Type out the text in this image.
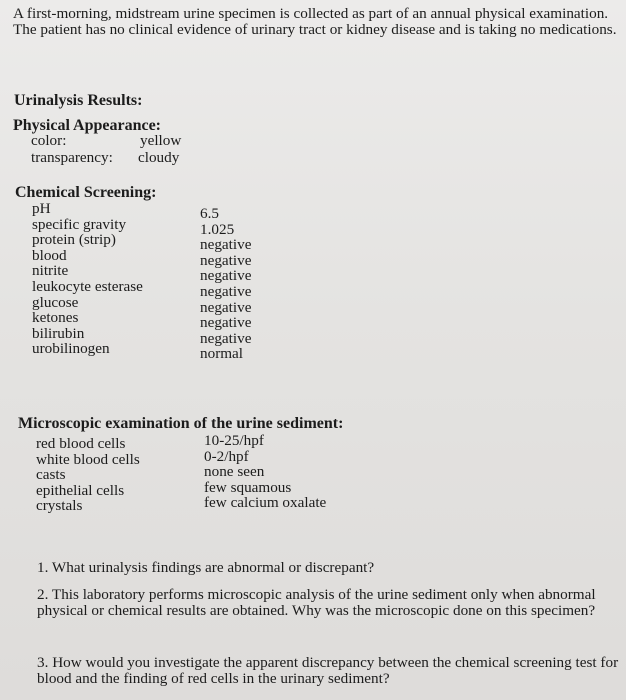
A first-morning, midstream urine specimen is collected as part of an annual physical examination. The patient has no clinical evidence of urinary tract or kidney disease and is taking no medications.

Urinalysis Results:
Physical Appearance:
color:	yellow
transparency: cloudy
Chemical Screening:
pH
specific gravity
protein (strip)
blood
nitrite
leukocyte esterase
glucose
ketones
bilirubin
urobilinogen
6.5
1.025
negative
negative
negative
negative
negative
negative
negative
normal
Microscopic examination of the urine sediment:
red blood cells
white blood cells
casts
epithelial cells
crystals
10-25/hpf
0-2/hpf
none seen
few squamous
few calcium oxalate

1. What urinalysis findings are abnormal or discrepant?

2. This laboratory performs microscopic analysis of the urine sediment only when abnormal physical or chemical results are obtained. Why was the microscopic done on this specimen?

3. How would you investigate the apparent discrepancy between the chemical screening test for blood and the finding of red cells in the urinary sediment?
